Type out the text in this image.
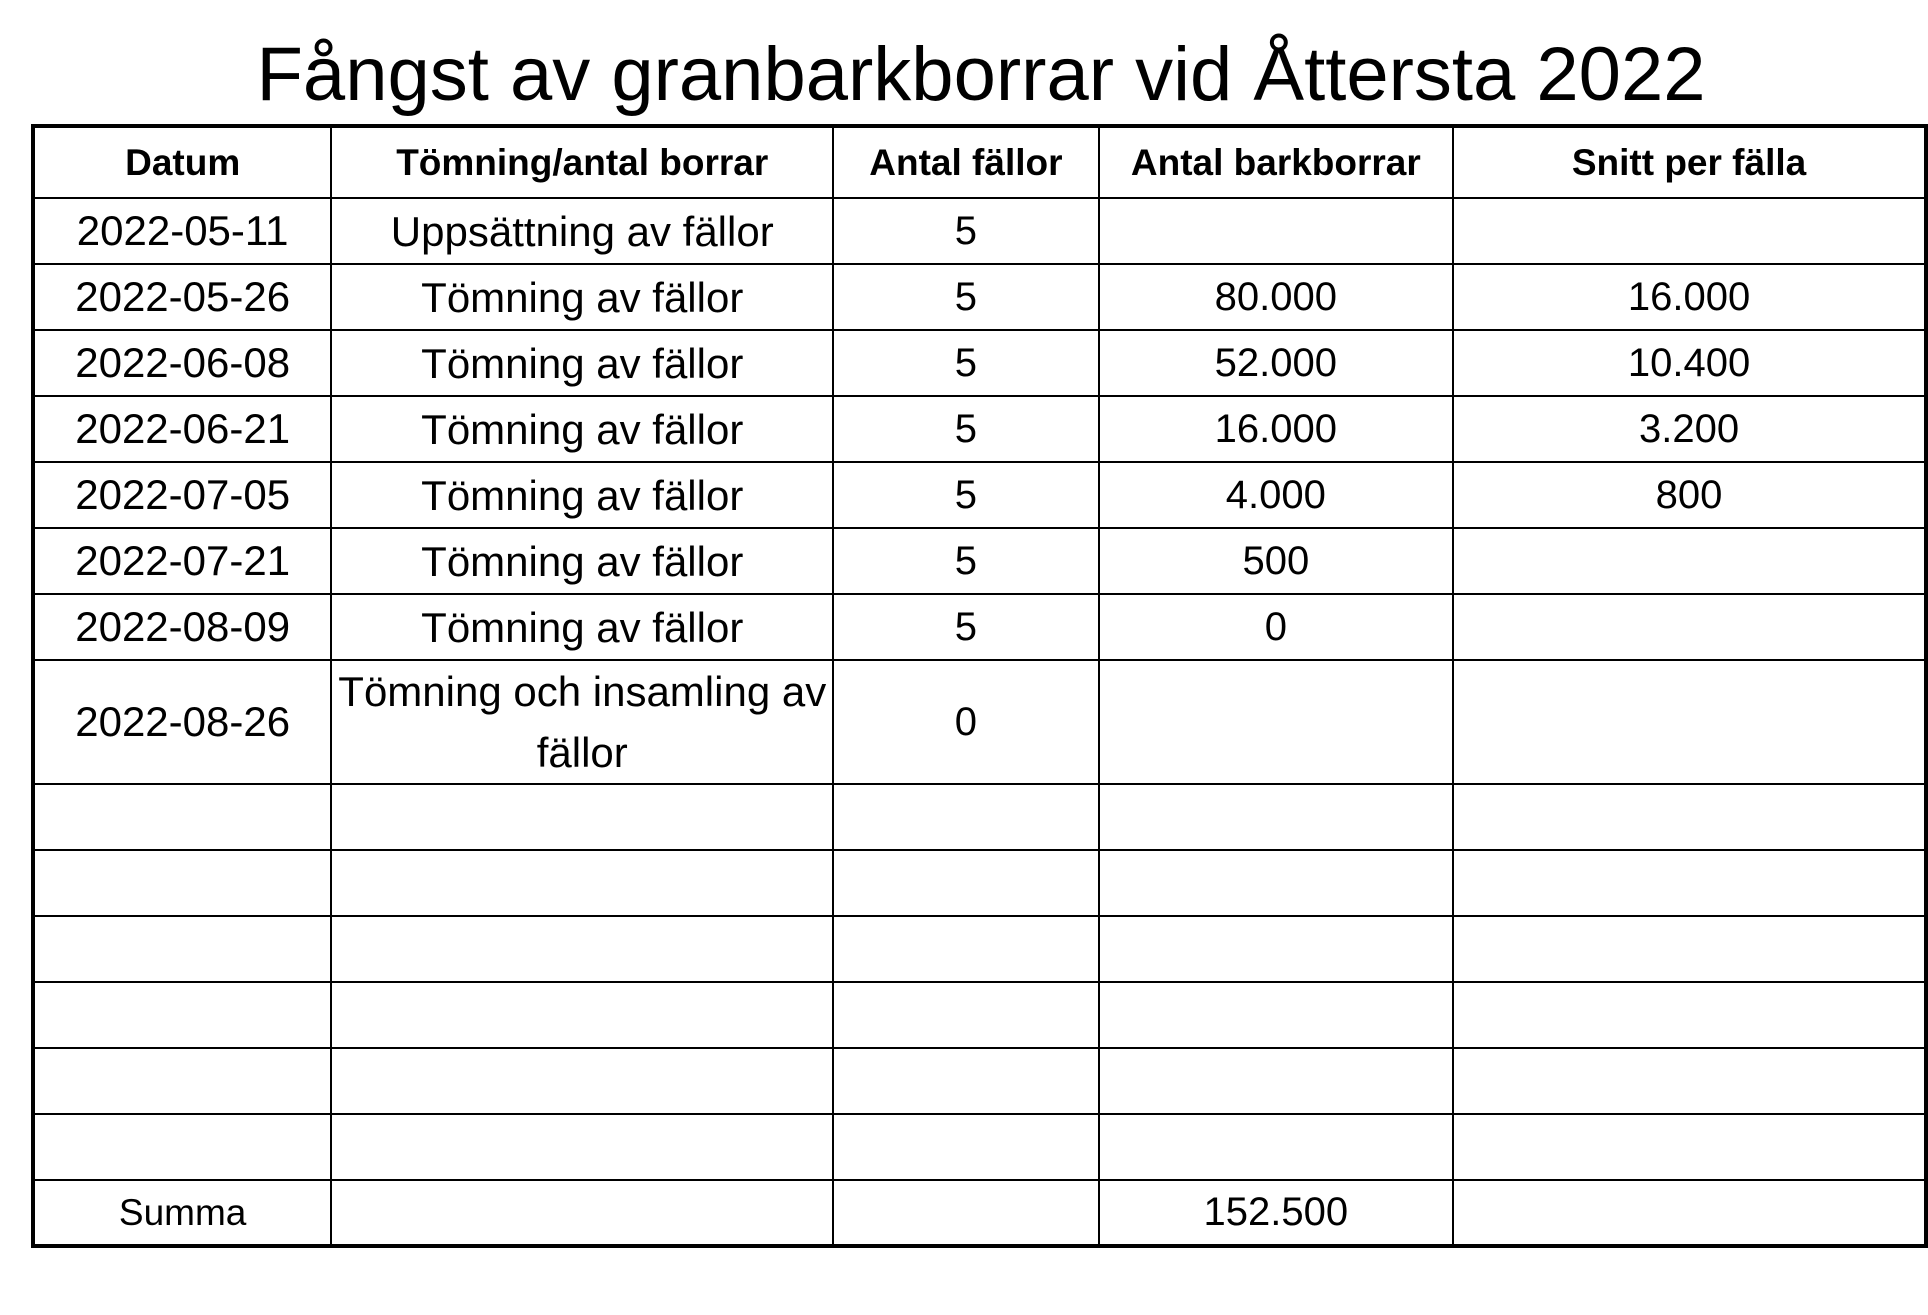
Fångst av granbarkborrar vid Åttersta 2022
Datum	Tömning/antal borrar	Antal fällor	Antal barkborrar	Snitt per fälla
2022-05-11	Uppsättning av fällor	5		
2022-05-26	Tömning av fällor	5	80.000	16.000
2022-06-08	Tömning av fällor	5	52.000	10.400
2022-06-21	Tömning av fällor	5	16.000	3.200
2022-07-05	Tömning av fällor	5	4.000	800
2022-07-21	Tömning av fällor	5	500	
2022-08-09	Tömning av fällor	5	0	
2022-08-26	Tömning och insamling av fällor	0		

Summa			152.500	
